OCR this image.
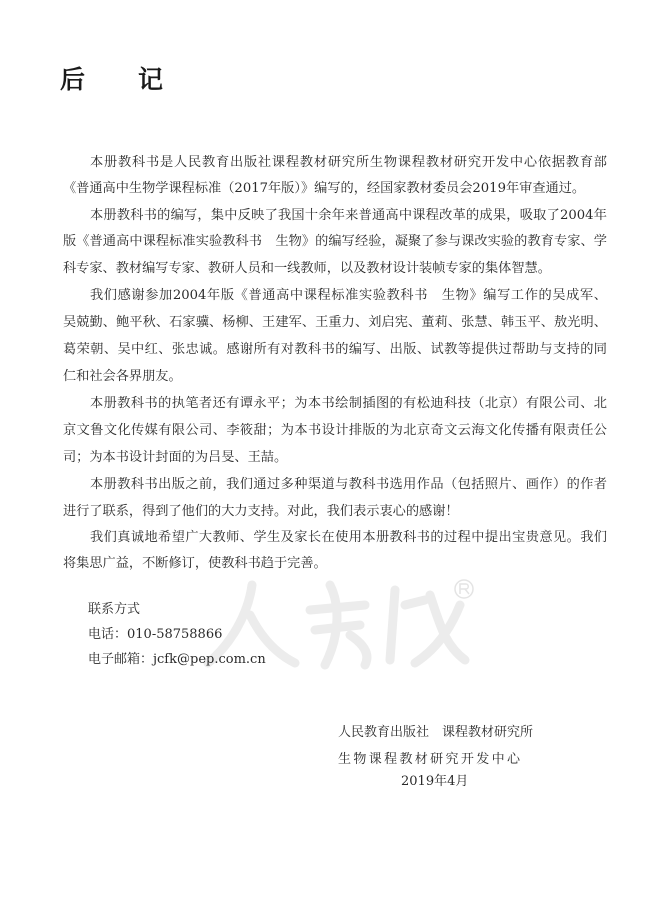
后　记
本册教科书是人民教育出版社课程教材研究所生物课程教材研究开发中心依据教育部
《普通高中生物学课程标准（2017年版）》编写的，经国家教材委员会2019年审查通过。
本册教科书的编写，集中反映了我国十余年来普通高中课程改革的成果，吸取了2004年
版《普通高中课程标准实验教科书　生物》的编写经验，凝聚了参与课改实验的教育专家、学
科专家、教材编写专家、教研人员和一线教师，以及教材设计装帧专家的集体智慧。
我们感谢参加2004年版《普通高中课程标准实验教科书　生物》编写工作的吴成军、
吴兢勤、鲍平秋、石家骥、杨柳、王建军、王重力、刘启宪、董莉、张慧、韩玉平、敖光明、
葛荣朝、吴中红、张忠诚。感谢所有对教科书的编写、出版、试教等提供过帮助与支持的同
仁和社会各界朋友。
本册教科书的执笔者还有谭永平；为本书绘制插图的有松迪科技（北京）有限公司、北
京文鲁文化传媒有限公司、李筱甜；为本书设计排版的为北京奇文云海文化传播有限责任公
司；为本书设计封面的为吕旻、王喆。
本册教科书出版之前，我们通过多种渠道与教科书选用作品（包括照片、画作）的作者
进行了联系，得到了他们的大力支持。对此，我们表示衷心的感谢！
我们真诚地希望广大教师、学生及家长在使用本册教科书的过程中提出宝贵意见。我们
将集思广益，不断修订，使教科书趋于完善。
联系方式
电话：010-58758866
电子邮箱：jcfk@pep.com.cn
人民教育出版社　课程教材研究所
生物课程教材研究开发中心
2019年4月
